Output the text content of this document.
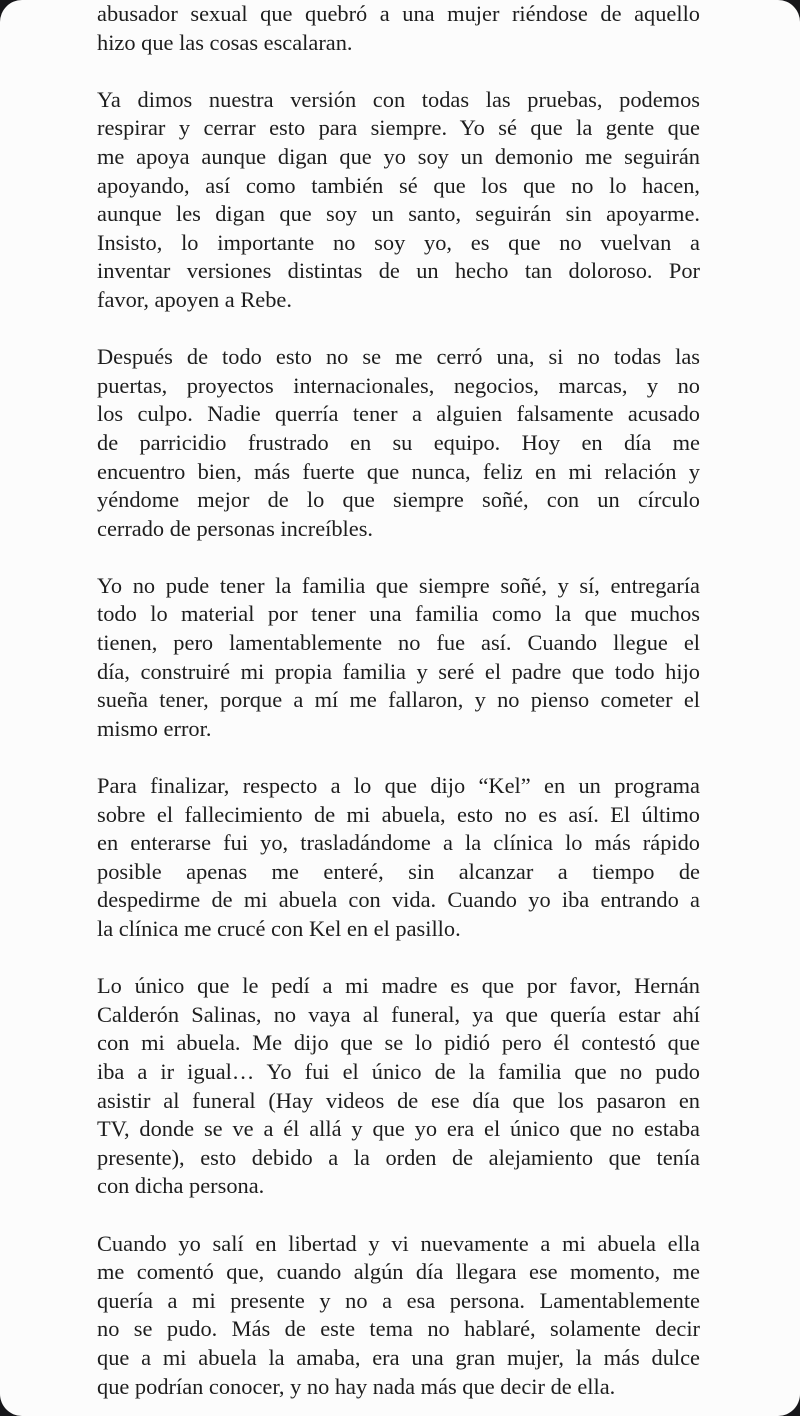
abusador sexual que quebró a una mujer riéndose de aquello
hizo que las cosas escalaran.
Ya dimos nuestra versión con todas las pruebas, podemos
respirar y cerrar esto para siempre. Yo sé que la gente que
me apoya aunque digan que yo soy un demonio me seguirán
apoyando, así como también sé que los que no lo hacen,
aunque les digan que soy un santo, seguirán sin apoyarme.
Insisto, lo importante no soy yo, es que no vuelvan a
inventar versiones distintas de un hecho tan doloroso. Por
favor, apoyen a Rebe.
Después de todo esto no se me cerró una, si no todas las
puertas, proyectos internacionales, negocios, marcas, y no
los culpo. Nadie querría tener a alguien falsamente acusado
de parricidio frustrado en su equipo. Hoy en día me
encuentro bien, más fuerte que nunca, feliz en mi relación y
yéndome mejor de lo que siempre soñé, con un círculo
cerrado de personas increíbles.
Yo no pude tener la familia que siempre soñé, y sí, entregaría
todo lo material por tener una familia como la que muchos
tienen, pero lamentablemente no fue así. Cuando llegue el
día, construiré mi propia familia y seré el padre que todo hijo
sueña tener, porque a mí me fallaron, y no pienso cometer el
mismo error.
Para finalizar, respecto a lo que dijo “Kel” en un programa
sobre el fallecimiento de mi abuela, esto no es así. El último
en enterarse fui yo, trasladándome a la clínica lo más rápido
posible apenas me enteré, sin alcanzar a tiempo de
despedirme de mi abuela con vida. Cuando yo iba entrando a
la clínica me crucé con Kel en el pasillo.
Lo único que le pedí a mi madre es que por favor, Hernán
Calderón Salinas, no vaya al funeral, ya que quería estar ahí
con mi abuela. Me dijo que se lo pidió pero él contestó que
iba a ir igual… Yo fui el único de la familia que no pudo
asistir al funeral (Hay videos de ese día que los pasaron en
TV, donde se ve a él allá y que yo era el único que no estaba
presente), esto debido a la orden de alejamiento que tenía
con dicha persona.
Cuando yo salí en libertad y vi nuevamente a mi abuela ella
me comentó que, cuando algún día llegara ese momento, me
quería a mi presente y no a esa persona. Lamentablemente
no se pudo. Más de este tema no hablaré, solamente decir
que a mi abuela la amaba, era una gran mujer, la más dulce
que podrían conocer, y no hay nada más que decir de ella.
